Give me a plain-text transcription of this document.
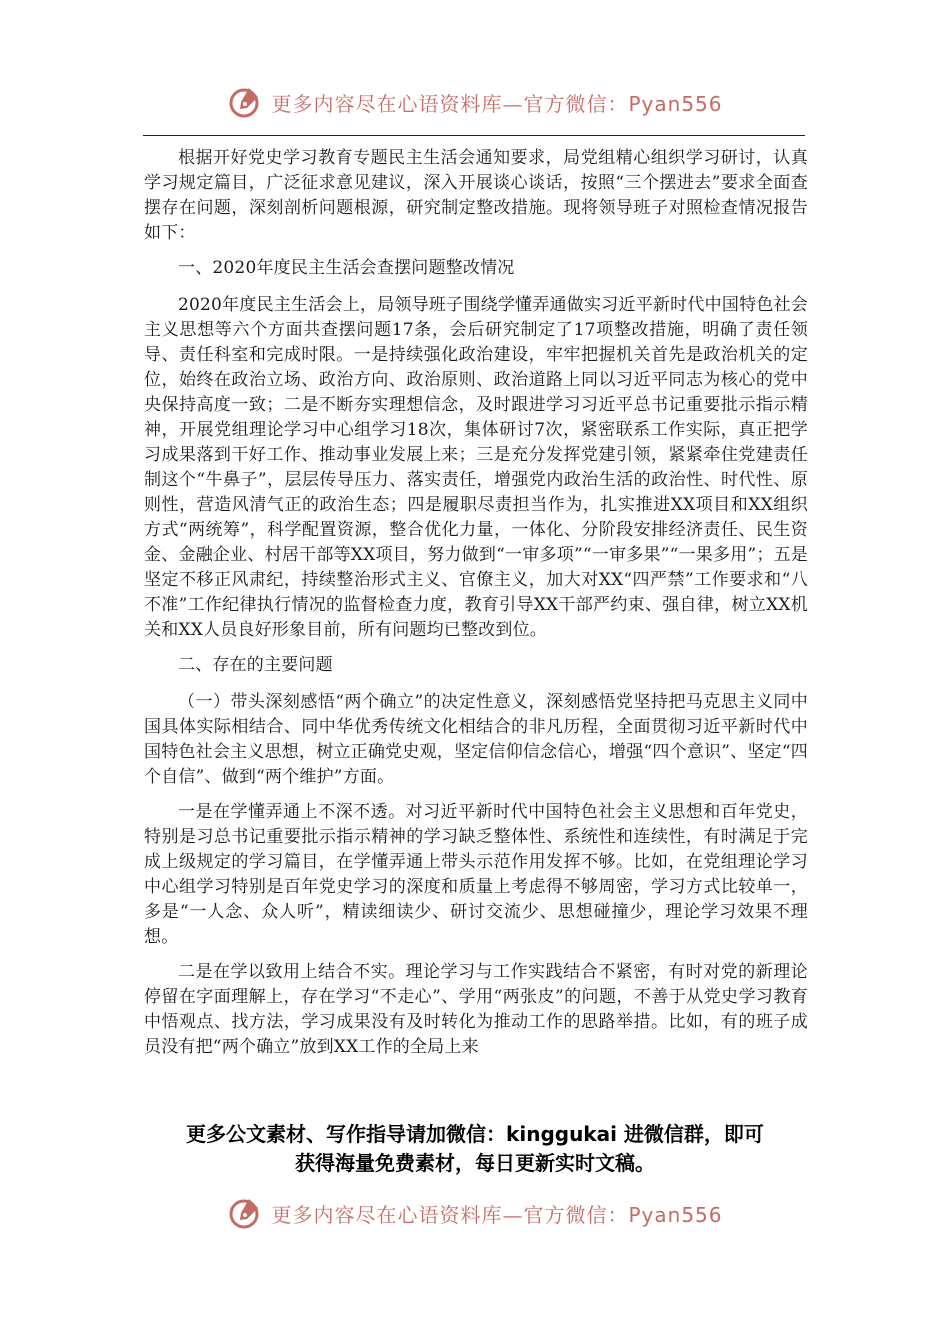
更多内容尽在心语资料库—官方微信：Pyan556

根据开好党史学习教育专题民主生活会通知要求，局党组精心组织学习研讨，认真学习规定篇目，广泛征求意见建议，深入开展谈心谈话，按照“三个摆进去”要求全面查摆存在问题，深刻剖析问题根源，研究制定整改措施。现将领导班子对照检查情况报告如下：

一、2020年度民主生活会查摆问题整改情况

2020年度民主生活会上，局领导班子围绕学懂弄通做实习近平新时代中国特色社会主义思想等六个方面共查摆问题17条，会后研究制定了17项整改措施，明确了责任领导、责任科室和完成时限。一是持续强化政治建设，牢牢把握机关首先是政治机关的定位，始终在政治立场、政治方向、政治原则、政治道路上同以习近平同志为核心的党中央保持高度一致；二是不断夯实理想信念，及时跟进学习习近平总书记重要批示指示精神，开展党组理论学习中心组学习18次，集体研讨7次，紧密联系工作实际，真正把学习成果落到干好工作、推动事业发展上来；三是充分发挥党建引领，紧紧牵住党建责任制这个“牛鼻子”，层层传导压力、落实责任，增强党内政治生活的政治性、时代性、原则性，营造风清气正的政治生态；四是履职尽责担当作为，扎实推进XX项目和XX组织方式“两统筹”，科学配置资源，整合优化力量，一体化、分阶段安排经济责任、民生资金、金融企业、村居干部等XX项目，努力做到“一审多项”“一审多果”“一果多用”；五是坚定不移正风肃纪，持续整治形式主义、官僚主义，加大对XX“四严禁”工作要求和“八不准”工作纪律执行情况的监督检查力度，教育引导XX干部严约束、强自律，树立XX机关和XX人员良好形象目前，所有问题均已整改到位。

二、存在的主要问题

（一）带头深刻感悟“两个确立”的决定性意义，深刻感悟党坚持把马克思主义同中国具体实际相结合、同中华优秀传统文化相结合的非凡历程，全面贯彻习近平新时代中国特色社会主义思想，树立正确党史观，坚定信仰信念信心，增强“四个意识”、坚定“四个自信”、做到“两个维护”方面。

一是在学懂弄通上不深不透。对习近平新时代中国特色社会主义思想和百年党史，特别是习总书记重要批示指示精神的学习缺乏整体性、系统性和连续性，有时满足于完成上级规定的学习篇目，在学懂弄通上带头示范作用发挥不够。比如，在党组理论学习中心组学习特别是百年党史学习的深度和质量上考虑得不够周密，学习方式比较单一，多是“一人念、众人听”，精读细读少、研讨交流少、思想碰撞少，理论学习效果不理想。

二是在学以致用上结合不实。理论学习与工作实践结合不紧密，有时对党的新理论停留在字面理解上，存在学习“不走心”、学用“两张皮”的问题，不善于从党史学习教育中悟观点、找方法，学习成果没有及时转化为推动工作的思路举措。比如，有的班子成员没有把“两个确立”放到XX工作的全局上来

更多公文素材、写作指导请加微信：kinggukai 进微信群，即可
获得海量免费素材，每日更新实时文稿。
更多内容尽在心语资料库—官方微信：Pyan556
